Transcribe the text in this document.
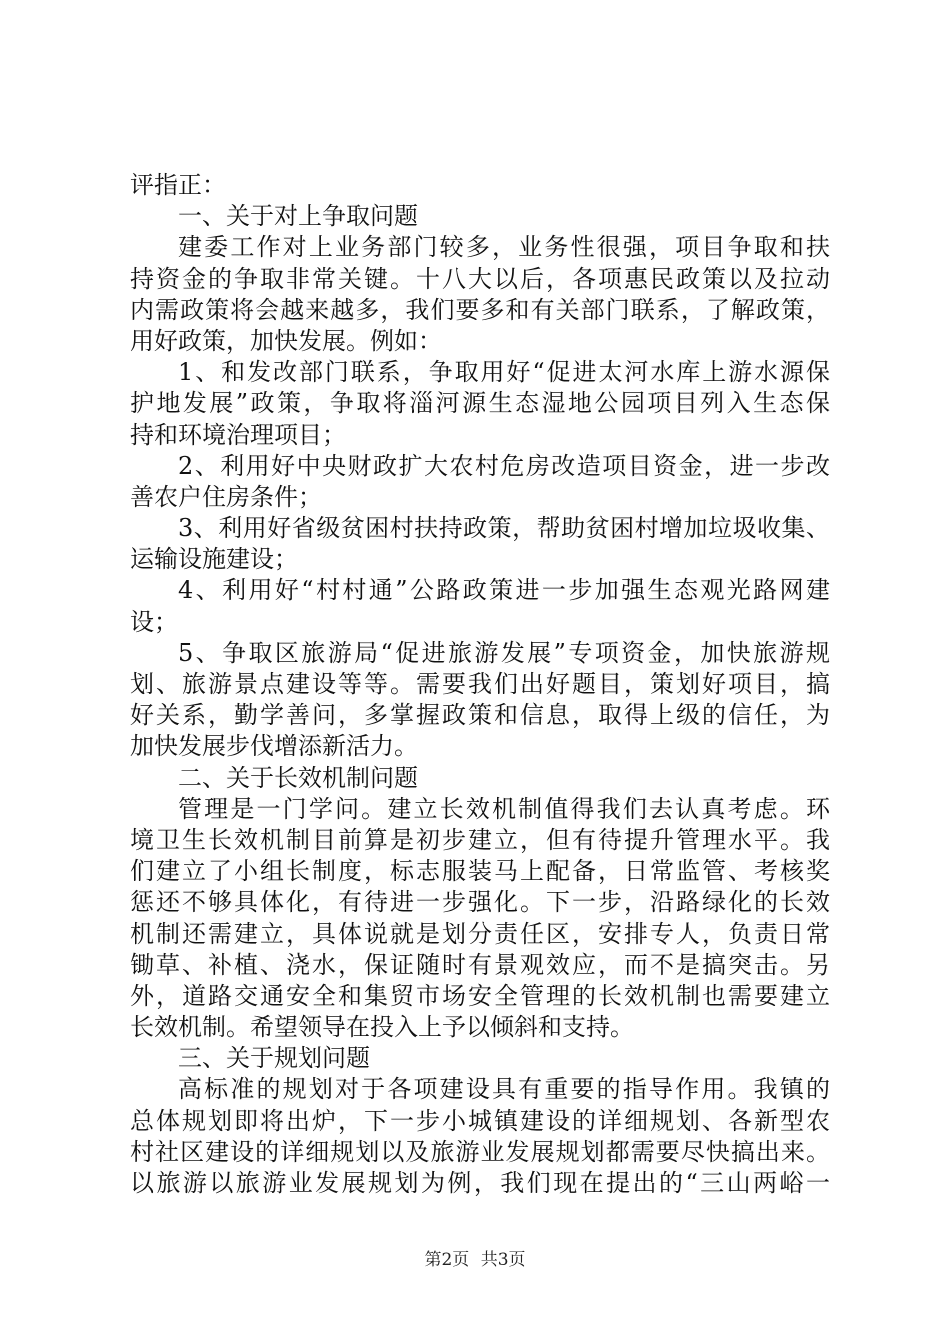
评指正：
一、关于对上争取问题
建委工作对上业务部门较多，业务性很强，项目争取和扶
持资金的争取非常关键。十八大以后，各项惠民政策以及拉动
内需政策将会越来越多，我们要多和有关部门联系，了解政策，
用好政策，加快发展。例如：
1、和发改部门联系，争取用好“促进太河水库上游水源保
护地发展”政策，争取将淄河源生态湿地公园项目列入生态保
持和环境治理项目；
2、利用好中央财政扩大农村危房改造项目资金，进一步改
善农户住房条件；
3、利用好省级贫困村扶持政策，帮助贫困村增加垃圾收集、
运输设施建设；
4、利用好“村村通”公路政策进一步加强生态观光路网建
设；
5、争取区旅游局“促进旅游发展”专项资金，加快旅游规
划、旅游景点建设等等。需要我们出好题目，策划好项目，搞
好关系，勤学善问，多掌握政策和信息，取得上级的信任，为
加快发展步伐增添新活力。
二、关于长效机制问题
管理是一门学问。建立长效机制值得我们去认真考虑。环
境卫生长效机制目前算是初步建立，但有待提升管理水平。我
们建立了小组长制度，标志服装马上配备，日常监管、考核奖
惩还不够具体化，有待进一步强化。下一步，沿路绿化的长效
机制还需建立，具体说就是划分责任区，安排专人，负责日常
锄草、补植、浇水，保证随时有景观效应，而不是搞突击。另
外，道路交通安全和集贸市场安全管理的长效机制也需要建立
长效机制。希望领导在投入上予以倾斜和支持。
三、关于规划问题
高标准的规划对于各项建设具有重要的指导作用。我镇的
总体规划即将出炉，下一步小城镇建设的详细规划、各新型农
村社区建设的详细规划以及旅游业发展规划都需要尽快搞出来。
以旅游以旅游业发展规划为例，我们现在提出的“三山两峪一
第2页 共3页
